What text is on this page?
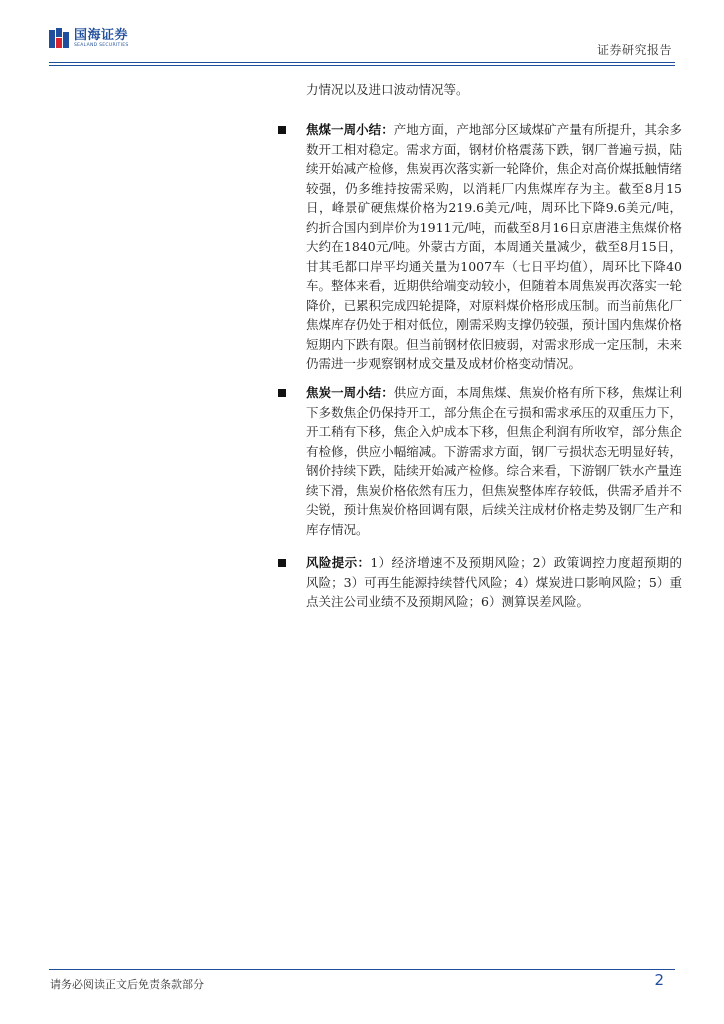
国海证券
SEALAND SECURITIES	证券研究报告
力情况以及进口波动情况等。
焦煤一周小结：产地方面，产地部分区域煤矿产量有所提升，其余多数开工相对稳定。需求方面，钢材价格震荡下跌，钢厂普遍亏损，陆续开始减产检修，焦炭再次落实新一轮降价，焦企对高价煤抵触情绪较强，仍多维持按需采购，以消耗厂内焦煤库存为主。截至8月15日，峰景矿硬焦煤价格为219.6美元/吨，周环比下降9.6美元/吨，约折合国内到岸价为1911元/吨，而截至8月16日京唐港主焦煤价格大约在1840元/吨。外蒙古方面，本周通关量减少，截至8月15日，甘其毛都口岸平均通关量为1007车（七日平均值），周环比下降40车。整体来看，近期供给端变动较小，但随着本周焦炭再次落实一轮降价，已累积完成四轮提降，对原料煤价格形成压制。而当前焦化厂焦煤库存仍处于相对低位，刚需采购支撑仍较强，预计国内焦煤价格短期内下跌有限。但当前钢材依旧疲弱，对需求形成一定压制，未来仍需进一步观察钢材成交量及成材价格变动情况。
焦炭一周小结：供应方面，本周焦煤、焦炭价格有所下移，焦煤让利下多数焦企仍保持开工，部分焦企在亏损和需求承压的双重压力下，开工稍有下移，焦企入炉成本下移，但焦企利润有所收窄，部分焦企有检修，供应小幅缩减。下游需求方面，钢厂亏损状态无明显好转，钢价持续下跌，陆续开始减产检修。综合来看，下游钢厂铁水产量连续下滑，焦炭价格依然有压力，但焦炭整体库存较低，供需矛盾并不尖锐，预计焦炭价格回调有限，后续关注成材价格走势及钢厂生产和库存情况。
风险提示：1）经济增速不及预期风险；2）政策调控力度超预期的风险；3）可再生能源持续替代风险；4）煤炭进口影响风险；5）重点关注公司业绩不及预期风险；6）测算误差风险。
请务必阅读正文后免责条款部分	2
